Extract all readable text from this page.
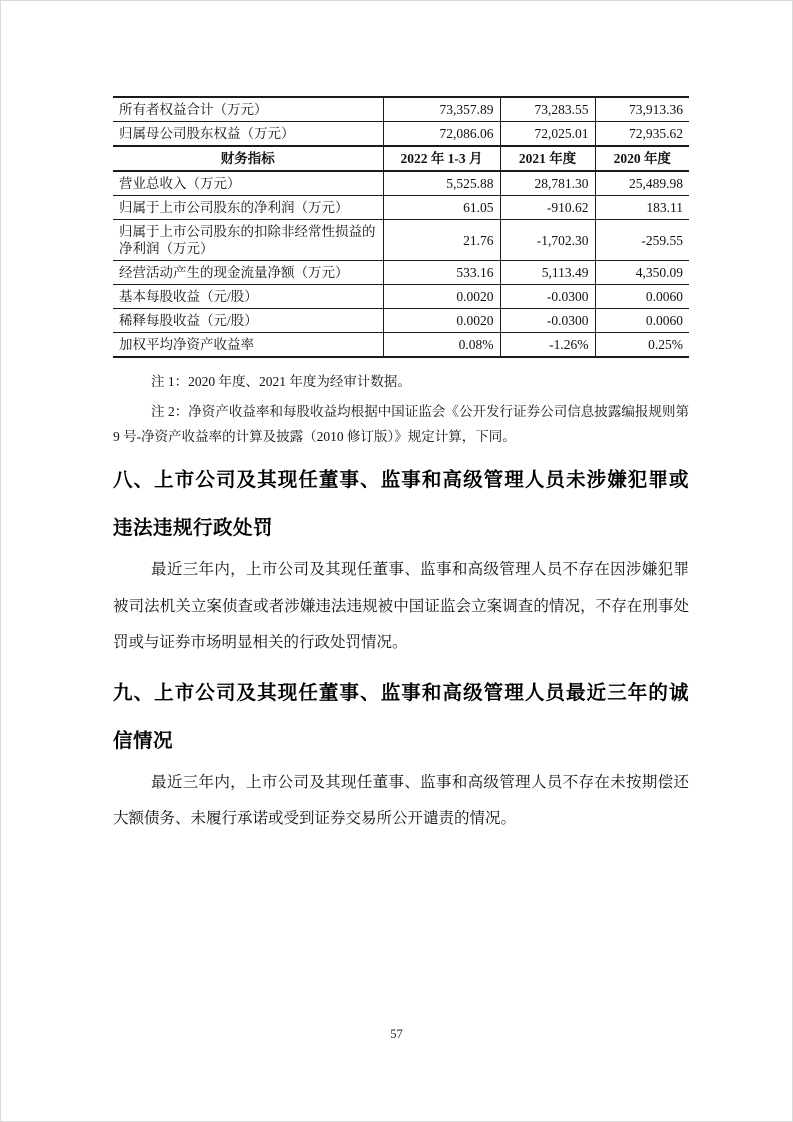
所有者权益合计（万元）	73,357.89	73,283.55	73,913.36
归属母公司股东权益（万元）	72,086.06	72,025.01	72,935.62
财务指标	2022 年 1-3 月	2021 年度	2020 年度
营业总收入（万元）	5,525.88	28,781.30	25,489.98
归属于上市公司股东的净利润（万元）	61.05	-910.62	183.11
归属于上市公司股东的扣除非经常性损益的净利润（万元）	21.76	-1,702.30	-259.55
经营活动产生的现金流量净额（万元）	533.16	5,113.49	4,350.09
基本每股收益（元/股）	0.0020	-0.0300	0.0060
稀释每股收益（元/股）	0.0020	-0.0300	0.0060
加权平均净资产收益率	0.08%	-1.26%	0.25%

注 1：2020 年度、2021 年度为经审计数据。

注 2：净资产收益率和每股收益均根据中国证监会《公开发行证券公司信息披露编报规则第 9 号-净资产收益率的计算及披露（2010 修订版）》规定计算，下同。

八、上市公司及其现任董事、监事和高级管理人员未涉嫌犯罪或违法违规行政处罚

最近三年内，上市公司及其现任董事、监事和高级管理人员不存在因涉嫌犯罪被司法机关立案侦查或者涉嫌违法违规被中国证监会立案调查的情况，不存在刑事处罚或与证券市场明显相关的行政处罚情况。

九、上市公司及其现任董事、监事和高级管理人员最近三年的诚信情况

最近三年内，上市公司及其现任董事、监事和高级管理人员不存在未按期偿还大额债务、未履行承诺或受到证券交易所公开谴责的情况。

57
